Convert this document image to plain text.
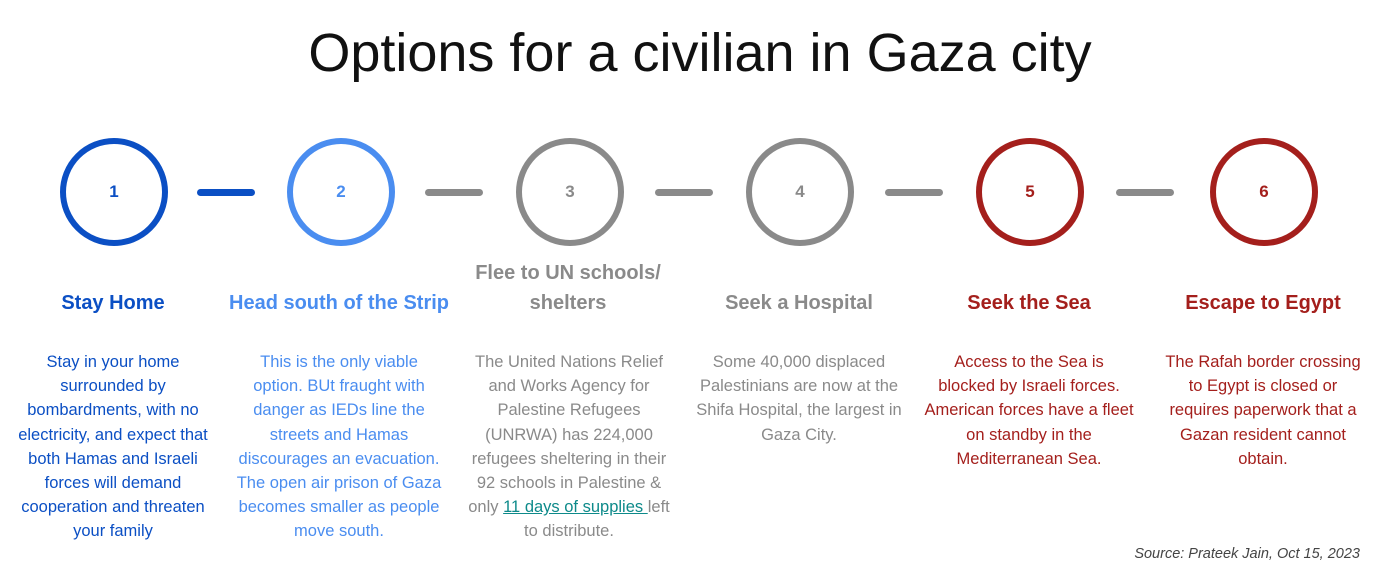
Options for a civilian in Gaza city
1	2	3	4	5	6
Stay Home	Head south of the Strip
Flee to UN schools/ shelters	Seek a Hospital	Seek the Sea	Escape to Egypt
Stay in your home surrounded by bombardments, with no electricity, and expect that both Hamas and Israeli forces will demand cooperation and threaten your family
This is the only viable option. BUt fraught with danger as IEDs line the streets and Hamas discourages an evacuation. The open air prison of Gaza becomes smaller as people move south.
The United Nations Relief and Works Agency for Palestine Refugees (UNRWA) has 224,000 refugees sheltering in their 92 schools in Palestine & only 11 days of supplies left to distribute.
Some 40,000 displaced Palestinians are now at the Shifa Hospital, the largest in Gaza City.
Access to the Sea is blocked by Israeli forces. American forces have a fleet on standby in the Mediterranean Sea.
The Rafah border crossing to Egypt is closed or requires paperwork that a Gazan resident cannot obtain.
Source: Prateek Jain, Oct 15, 2023
